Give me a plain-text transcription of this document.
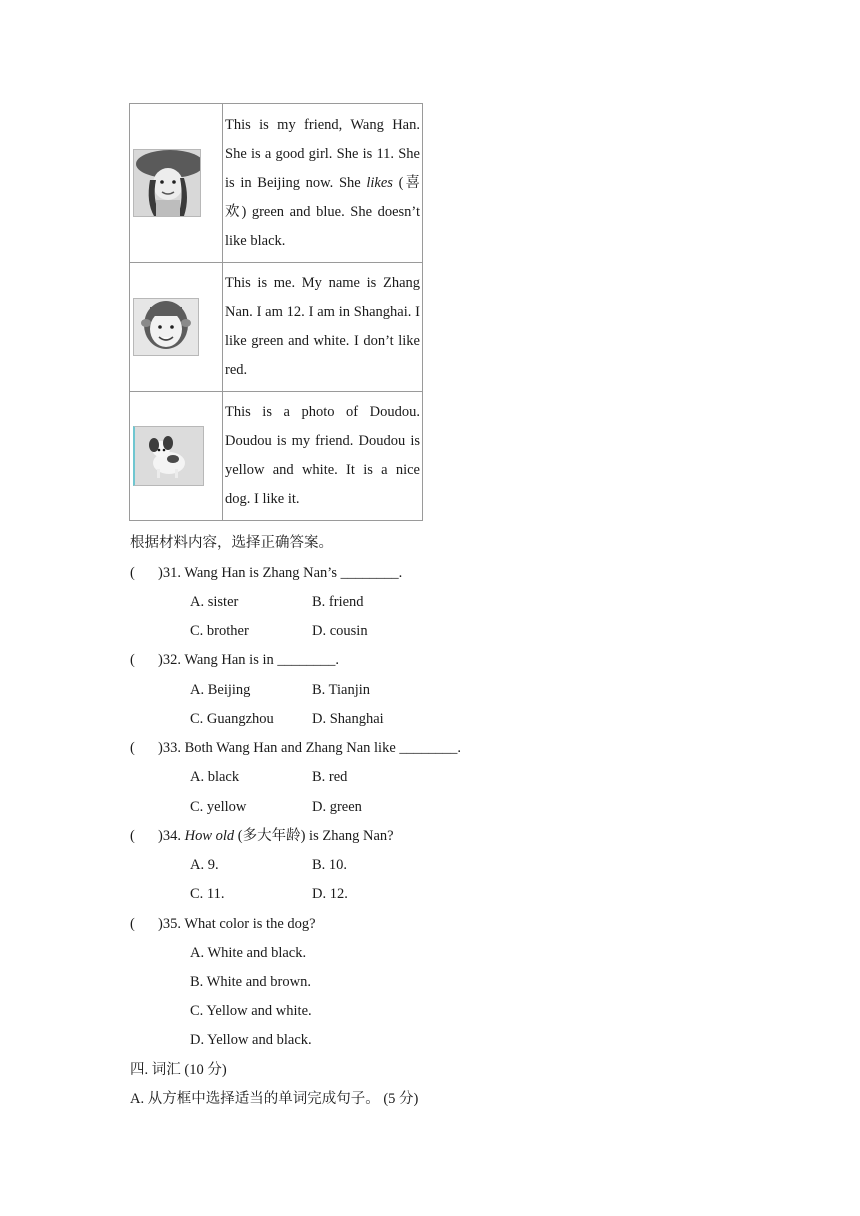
	This is my friend, Wang Han. She is a good girl. She is 11. She is in Beijing now. She likes (喜欢) green and blue. She doesn’t like black.

	This is me. My name is Zhang Nan. I am 12. I am in Shanghai. I like green and white. I don’t like red.

	This is a photo of Doudou. Doudou is my friend. Doudou is yellow and white. It is a nice dog. I like it.
根据材料内容，选择正确答案。
( )31. Wang Han is Zhang Nan’s ________.
A. sister	B. friend
C. brother	D. cousin
( )32. Wang Han is in ________.
A. Beijing	B. Tianjin
C. Guangzhou	D. Shanghai
( )33. Both Wang Han and Zhang Nan like ________.
A. black	B. red
C. yellow	D. green
( )34. How old (多大年龄) is Zhang Nan?
A. 9.	B. 10.
C. 11.	D. 12.
( )35. What color is the dog?
A. White and black.
B. White and brown.
C. Yellow and white.
D. Yellow and black.
四. 词汇 (10 分)
A. 从方框中选择适当的单词完成句子。 (5 分)
